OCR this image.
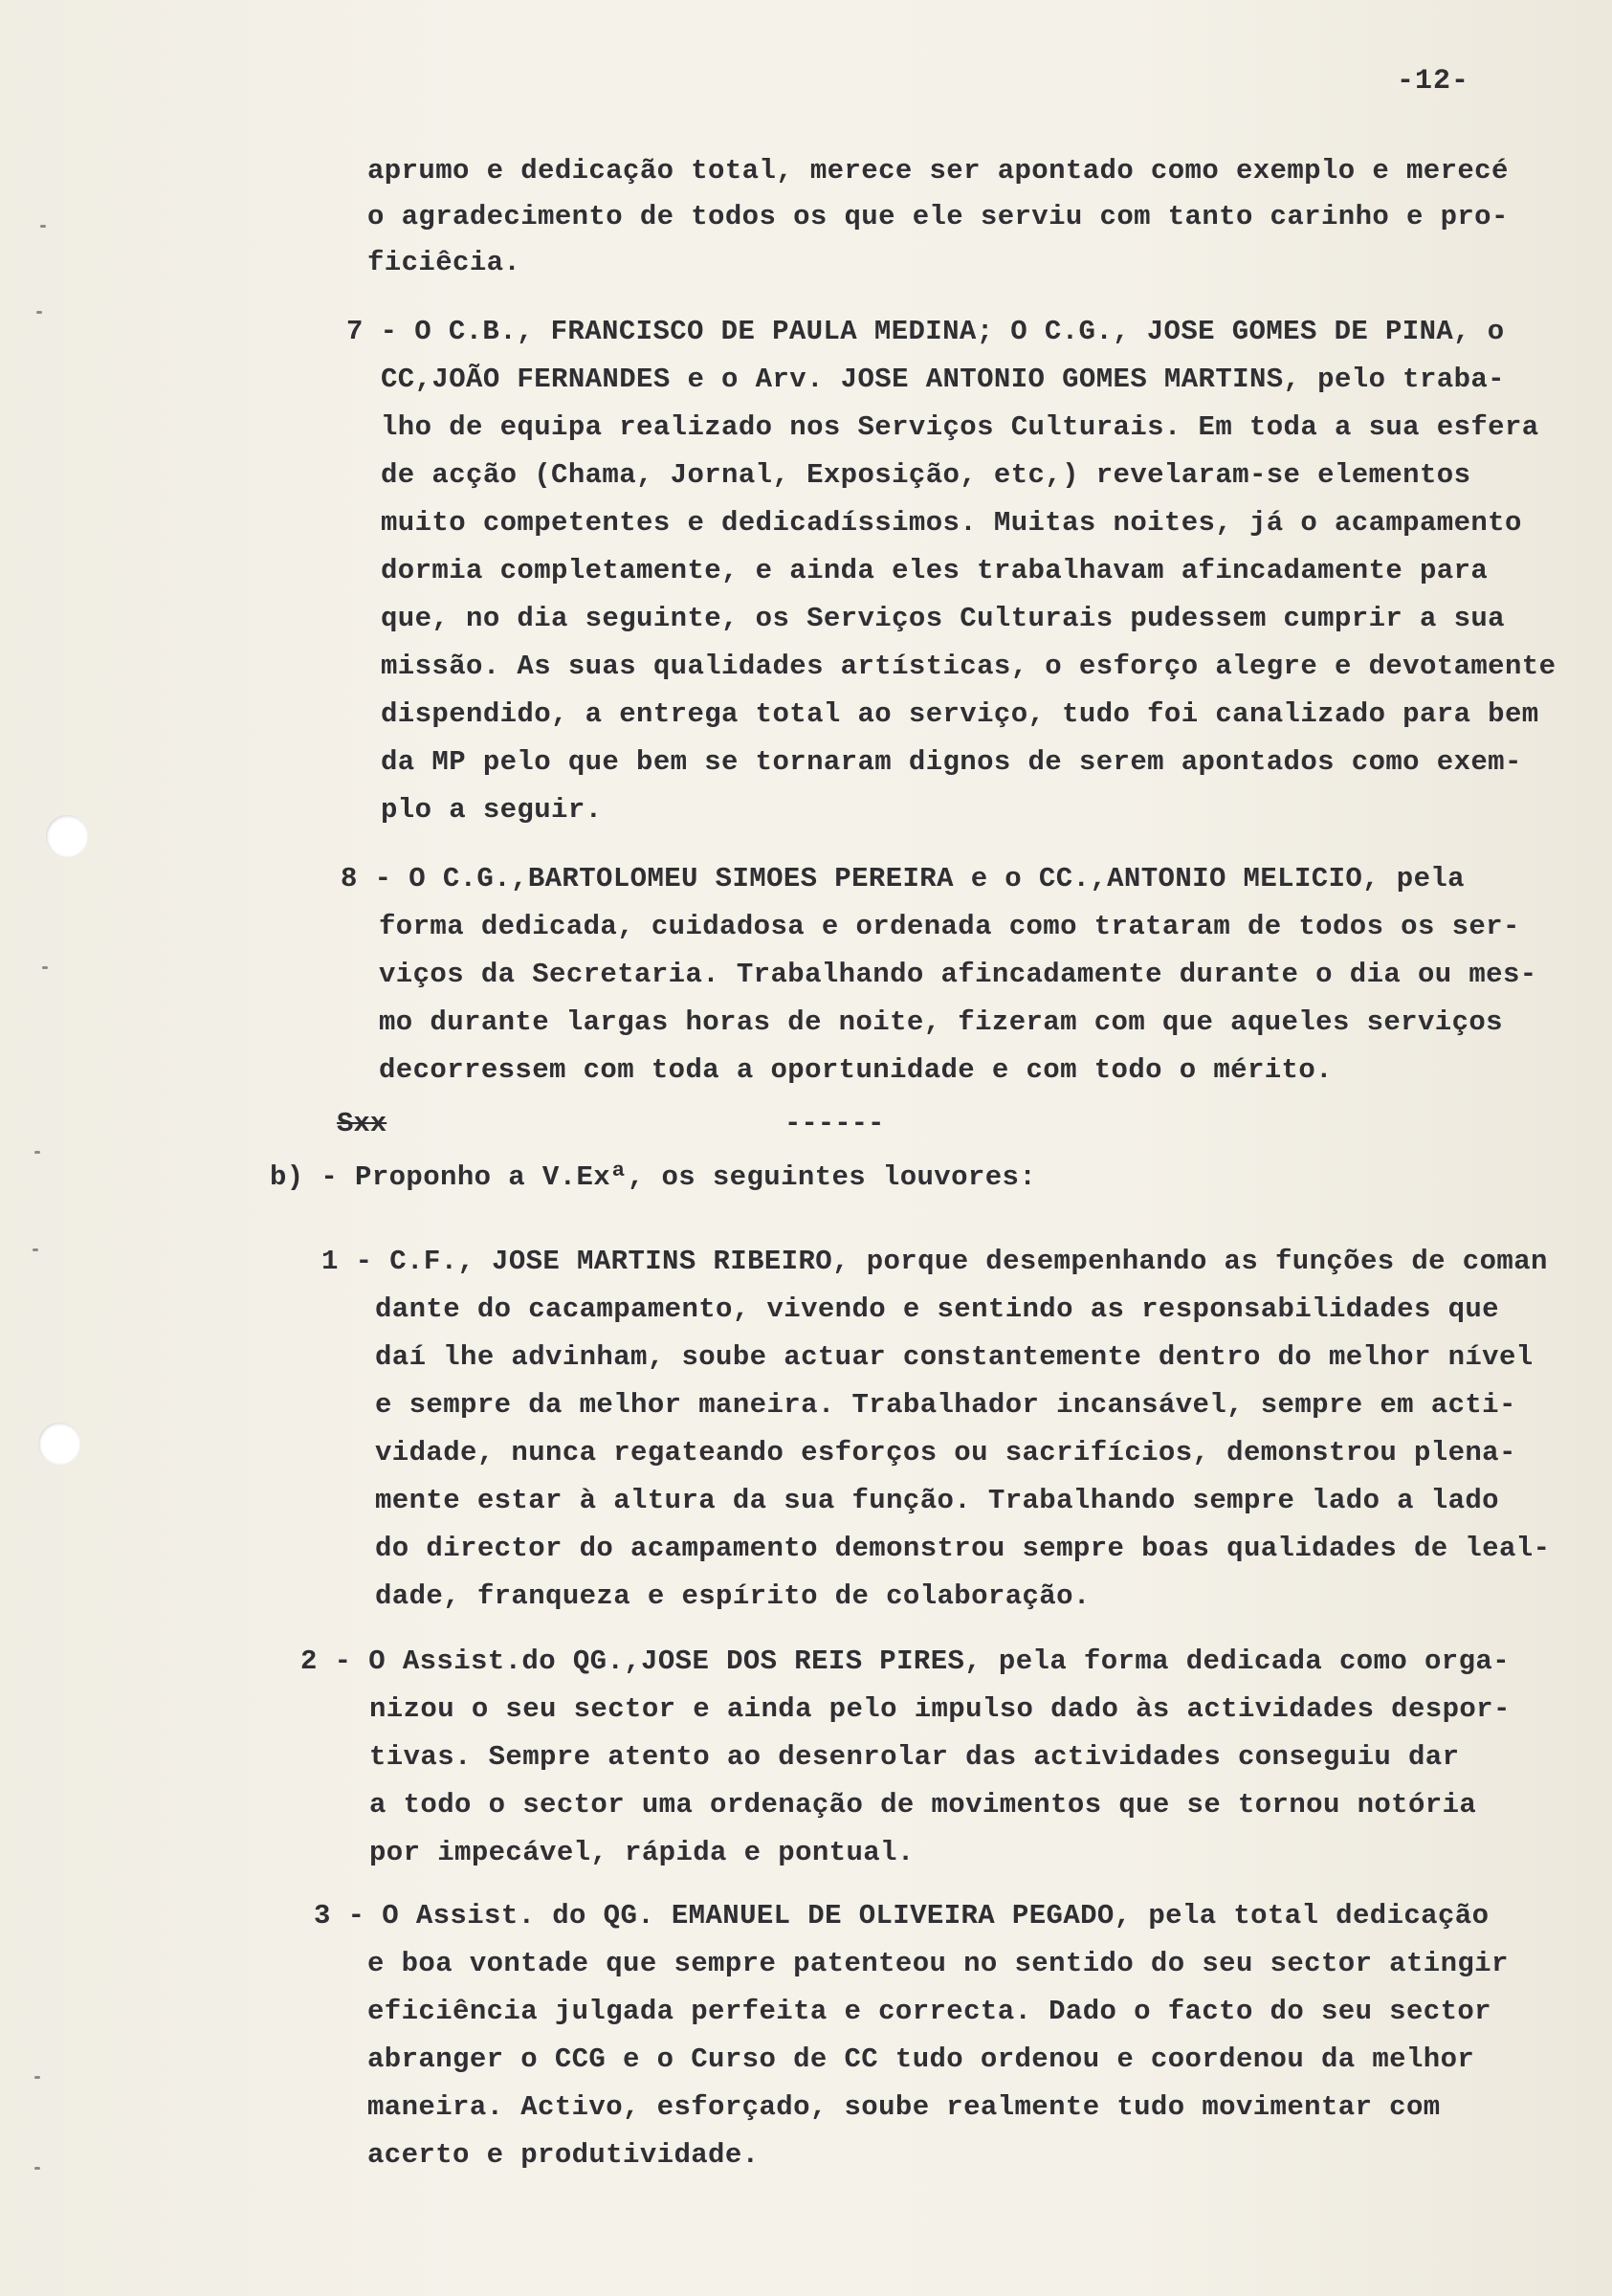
-12-
aprumo e dedicação total, merece ser apontado como exemplo e merecé
o agradecimento de todos os que ele serviu com tanto carinho e pro-
ficiêcia.
7 - O C.B., FRANCISCO DE PAULA MEDINA; O C.G., JOSE GOMES DE PINA, o
CC,JOÃO FERNANDES e o Arv. JOSE ANTONIO GOMES MARTINS, pelo traba-
lho de equipa realizado nos Serviços Culturais. Em toda a sua esfera
de acção (Chama, Jornal, Exposição, etc,) revelaram-se elementos
muito competentes e dedicadíssimos. Muitas noites, já o acampamento
dormia completamente, e ainda eles trabalhavam afincadamente para
que, no dia seguinte, os Serviços Culturais pudessem cumprir a sua
missão. As suas qualidades artísticas, o esforço alegre e devotamente
dispendido, a entrega total ao serviço, tudo foi canalizado para bem
da MP pelo que bem se tornaram dignos de serem apontados como exem-
plo a seguir.
8 - O C.G.,BARTOLOMEU SIMOES PEREIRA e o CC.,ANTONIO MELICIO, pela
forma dedicada, cuidadosa e ordenada como trataram de todos os ser-
viços da Secretaria. Trabalhando afincadamente durante o dia ou mes-
mo durante largas horas de noite, fizeram com que aqueles serviços
decorressem com toda a oportunidade e com todo o mérito.
Sxx	------
b) - Proponho a V.Exª, os seguintes louvores:
1 - C.F., JOSE MARTINS RIBEIRO, porque desempenhando as funções de coman
dante do cacampamento, vivendo e sentindo as responsabilidades que
daí lhe advinham, soube actuar constantemente dentro do melhor nível
e sempre da melhor maneira. Trabalhador incansável, sempre em acti-
vidade, nunca regateando esforços ou sacrifícios, demonstrou plena-
mente estar à altura da sua função. Trabalhando sempre lado a lado
do director do acampamento demonstrou sempre boas qualidades de leal-
dade, franqueza e espírito de colaboração.
2 - O Assist.do QG.,JOSE DOS REIS PIRES, pela forma dedicada como orga-
nizou o seu sector e ainda pelo impulso dado às actividades despor-
tivas. Sempre atento ao desenrolar das actividades conseguiu dar
a todo o sector uma ordenação de movimentos que se tornou notória
por impecável, rápida e pontual.
3 - O Assist. do QG. EMANUEL DE OLIVEIRA PEGADO, pela total dedicação
e boa vontade que sempre patenteou no sentido do seu sector atingir
eficiência julgada perfeita e correcta. Dado o facto do seu sector
abranger o CCG e o Curso de CC tudo ordenou e coordenou da melhor
maneira. Activo, esforçado, soube realmente tudo movimentar com
acerto e produtividade.
